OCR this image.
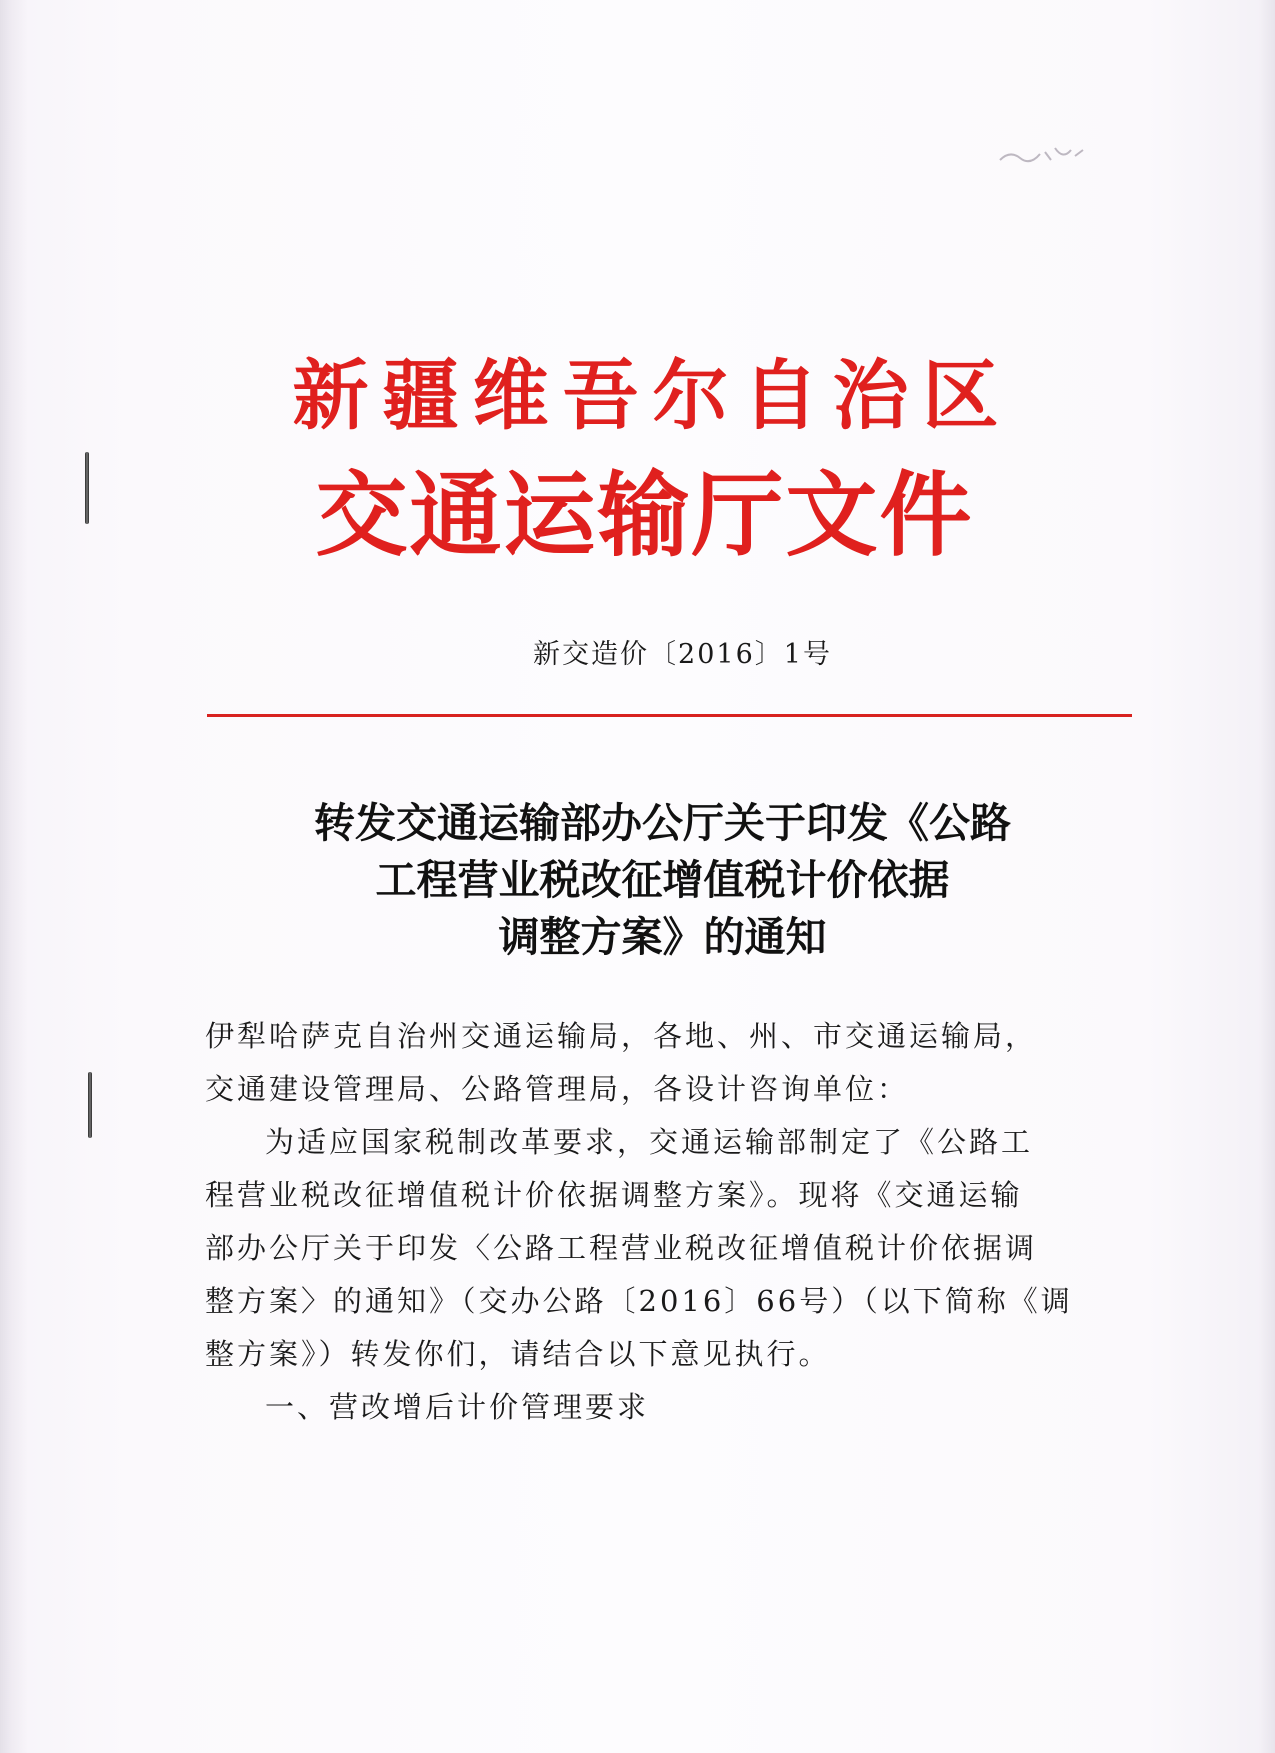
新疆维吾尔自治区
交通运输厅文件
新交造价〔2016〕1号
转发交通运输部办公厅关于印发《公路
工程营业税改征增值税计价依据
调整方案》的通知
伊犁哈萨克自治州交通运输局，各地、州、市交通运输局，
交通建设管理局、公路管理局，各设计咨询单位：
为适应国家税制改革要求，交通运输部制定了《公路工
程营业税改征增值税计价依据调整方案》。现将《交通运输
部办公厅关于印发〈公路工程营业税改征增值税计价依据调
整方案〉的通知》（交办公路〔2016〕66号）（以下简称《调
整方案》）转发你们，请结合以下意见执行。
一、营改增后计价管理要求
